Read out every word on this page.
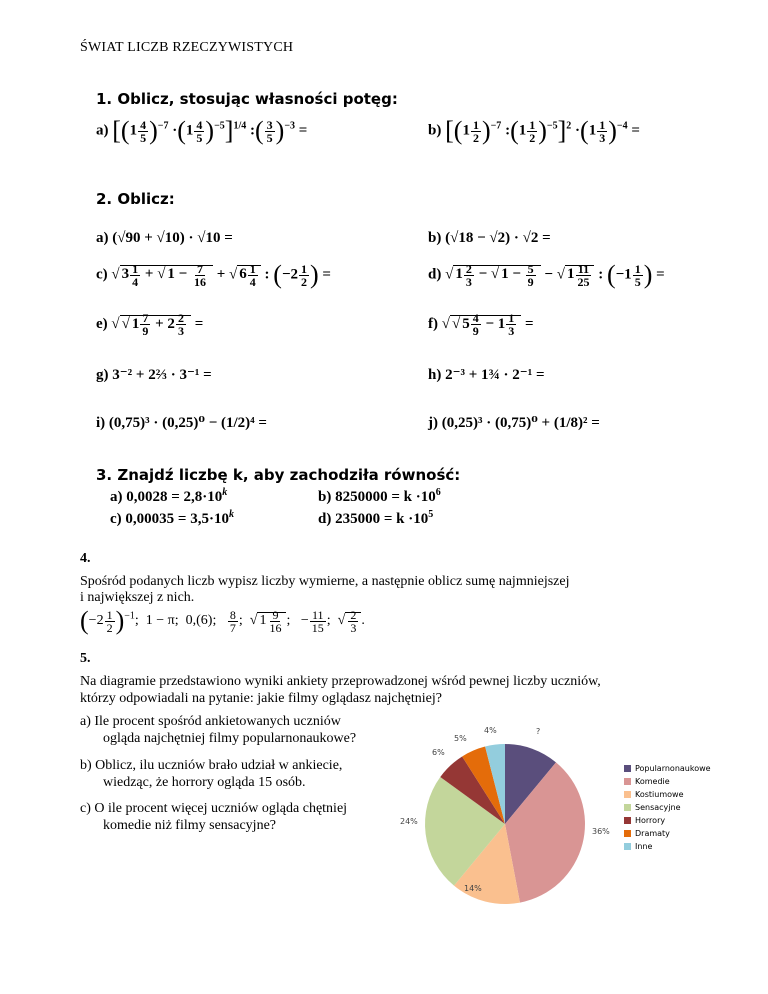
ŚWIAT LICZB RZECZYWISTYCH
1. Oblicz, stosując własności potęg:
a) $[(1 \frac{4}{5} )^{-7} \cdot(1 \frac{4}{5} )^{-5}]^{1/4}$ :( $\frac{3}{5} )^{-3}$ =	b) [$(1 \frac{1}{2} )^{-7}$ :(1 $\frac{1}{2} )^{-5}]^2 \cdot(1 \frac{1}{3} )^{-4}$ =
2. Oblicz:
a) (√90 + √10) · √10 =	b) (√18 − √2) · √2 =
c) √ $3 \frac{1}{4}$ + √ $1 - \frac{7}{16}$ + √ $6 \frac{1}{4}$ : ($-2 \frac{1}{2}$ ) =	d) √ $1 \frac{2}{3}$ − √ $1 - \frac{5}{9}$ − √ $1 \frac{11}{25}$ : ($-1 \frac{1}{5}$ ) =
e) √ √ $1 \frac{7}{9} + 2 \frac{2}{3}$ =	f) √ √ $5 \frac{4}{9} - 1 \frac{1}{3}$ =
g) 3⁻² + 2⅔ · 3⁻¹ =	h) 2⁻³ + 1¾ · 2⁻¹ =
i) (0,75)³ · (0,25)⁰ − (1/2)⁴ =	j) (0,25)³ · (0,75)⁰ + (1/8)² =
3. Znajdź liczbę k, aby zachodziła równość:
a) $0,0028 = 2,8\cdot 10^k$	b) $8250000 = k \cdot 10^6$
c) $0,00035 = 3,5\cdot 10^k$	d) $235000 = k \cdot 10^5$
4.
Spośród podanych liczb wypisz liczby wymierne, a następnie oblicz sumę najmniejszej
i największej z nich.
$(-2 \frac{1}{2} )^{-1}$;  1 − π;  0,(6); $\frac{8}{7}$ ;  √ $1 \frac{9}{16}$ ;   − $\frac{11}{15}$ ;  √ $\frac{2}{3}$ .
5.
Na diagramie przedstawiono wyniki ankiety przeprowadzonej wśród pewnej liczby uczniów,
którzy odpowiadali na pytanie: jakie filmy oglądasz najchętniej?
a) Ile procent spośród ankietowanych uczniów
ogląda najchętniej filmy popularnonaukowe?
b) Oblicz, ilu uczniów brało udział w ankiecie,
wiedząc, że horrory ogląda 15 osób.
c) O ile procent więcej uczniów ogląda chętniej
komedie niż filmy sensacyjne?
?
36%
14%
24%
6%
5%
4%
Popularnonaukowe
Komedie
Kostiumowe
Sensacyjne
Horrory
Dramaty
Inne
